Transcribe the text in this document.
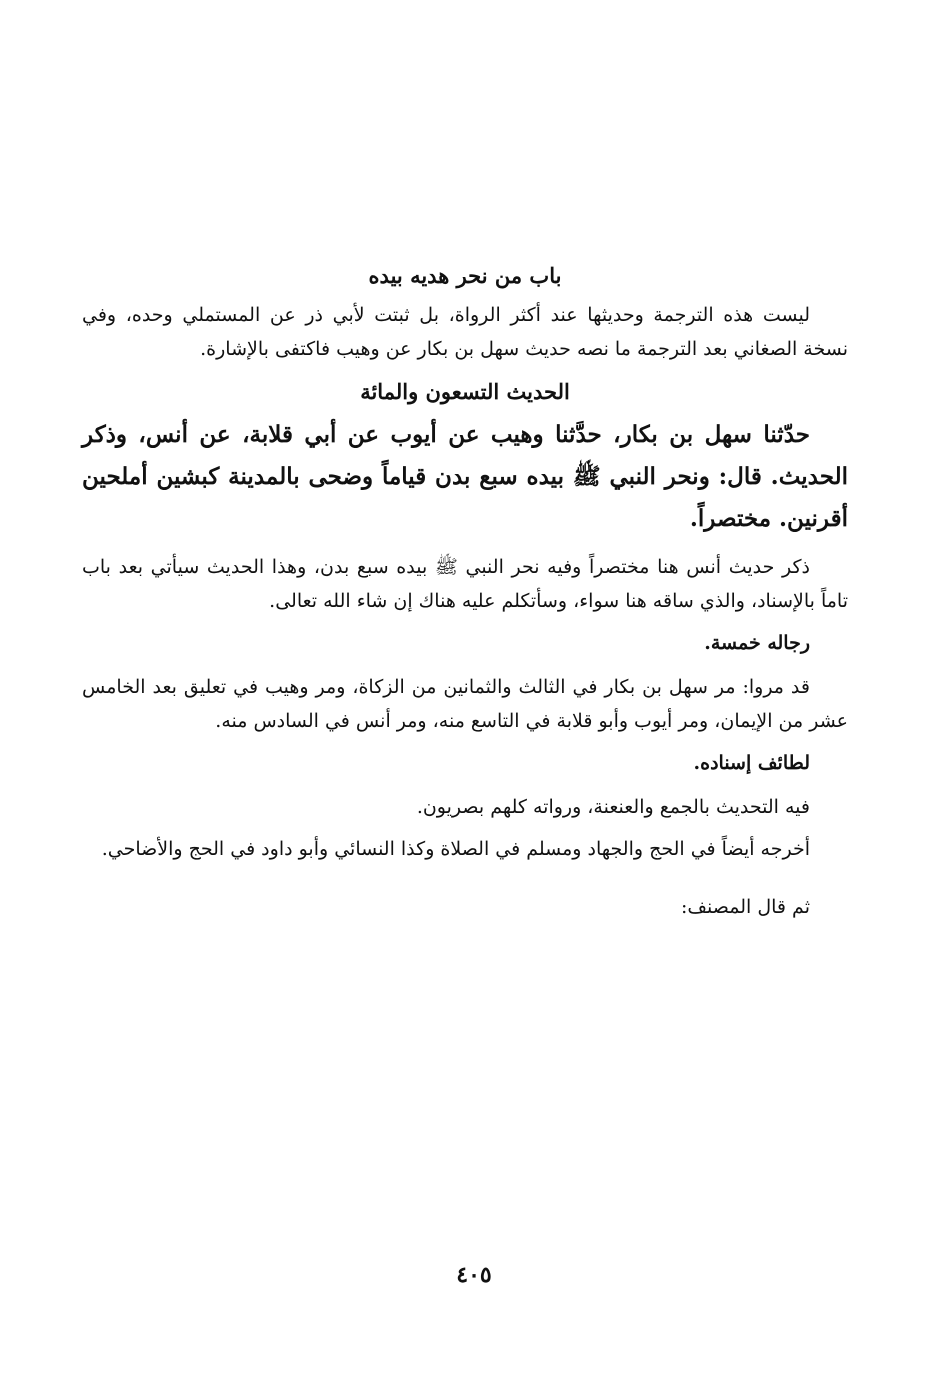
باب من نحر هديه بيده

ليست هذه الترجمة وحديثها عند أكثر الرواة، بل ثبتت لأبي ذر عن المستملي وحده، وفي نسخة الصغاني بعد الترجمة ما نصه حديث سهل بن بكار عن وهيب فاكتفى بالإشارة.

الحديث التسعون والمائة

حدّثنا سهل بن بكار، حدَّثنا وهيب عن أيوب عن أبي قلابة، عن أنس، وذكر الحديث. قال: ونحر النبي ﷺ بيده سبع بدن قياماً وضحى بالمدينة كبشين أملحين أقرنين. مختصراً.

ذكر حديث أنس هنا مختصراً وفيه نحر النبي ﷺ بيده سبع بدن، وهذا الحديث سيأتي بعد باب تاماً بالإسناد، والذي ساقه هنا سواء، وسأتكلم عليه هناك إن شاء الله تعالى.

رجاله خمسة.

قد مروا: مر سهل بن بكار في الثالث والثمانين من الزكاة، ومر وهيب في تعليق بعد الخامس عشر من الإيمان، ومر أيوب وأبو قلابة في التاسع منه، ومر أنس في السادس منه.

لطائف إسناده.

فيه التحديث بالجمع والعنعنة، ورواته كلهم بصريون.

أخرجه أيضاً في الحج والجهاد ومسلم في الصلاة وكذا النسائي وأبو داود في الحج والأضاحي.

ثم قال المصنف:
٤٠٥
